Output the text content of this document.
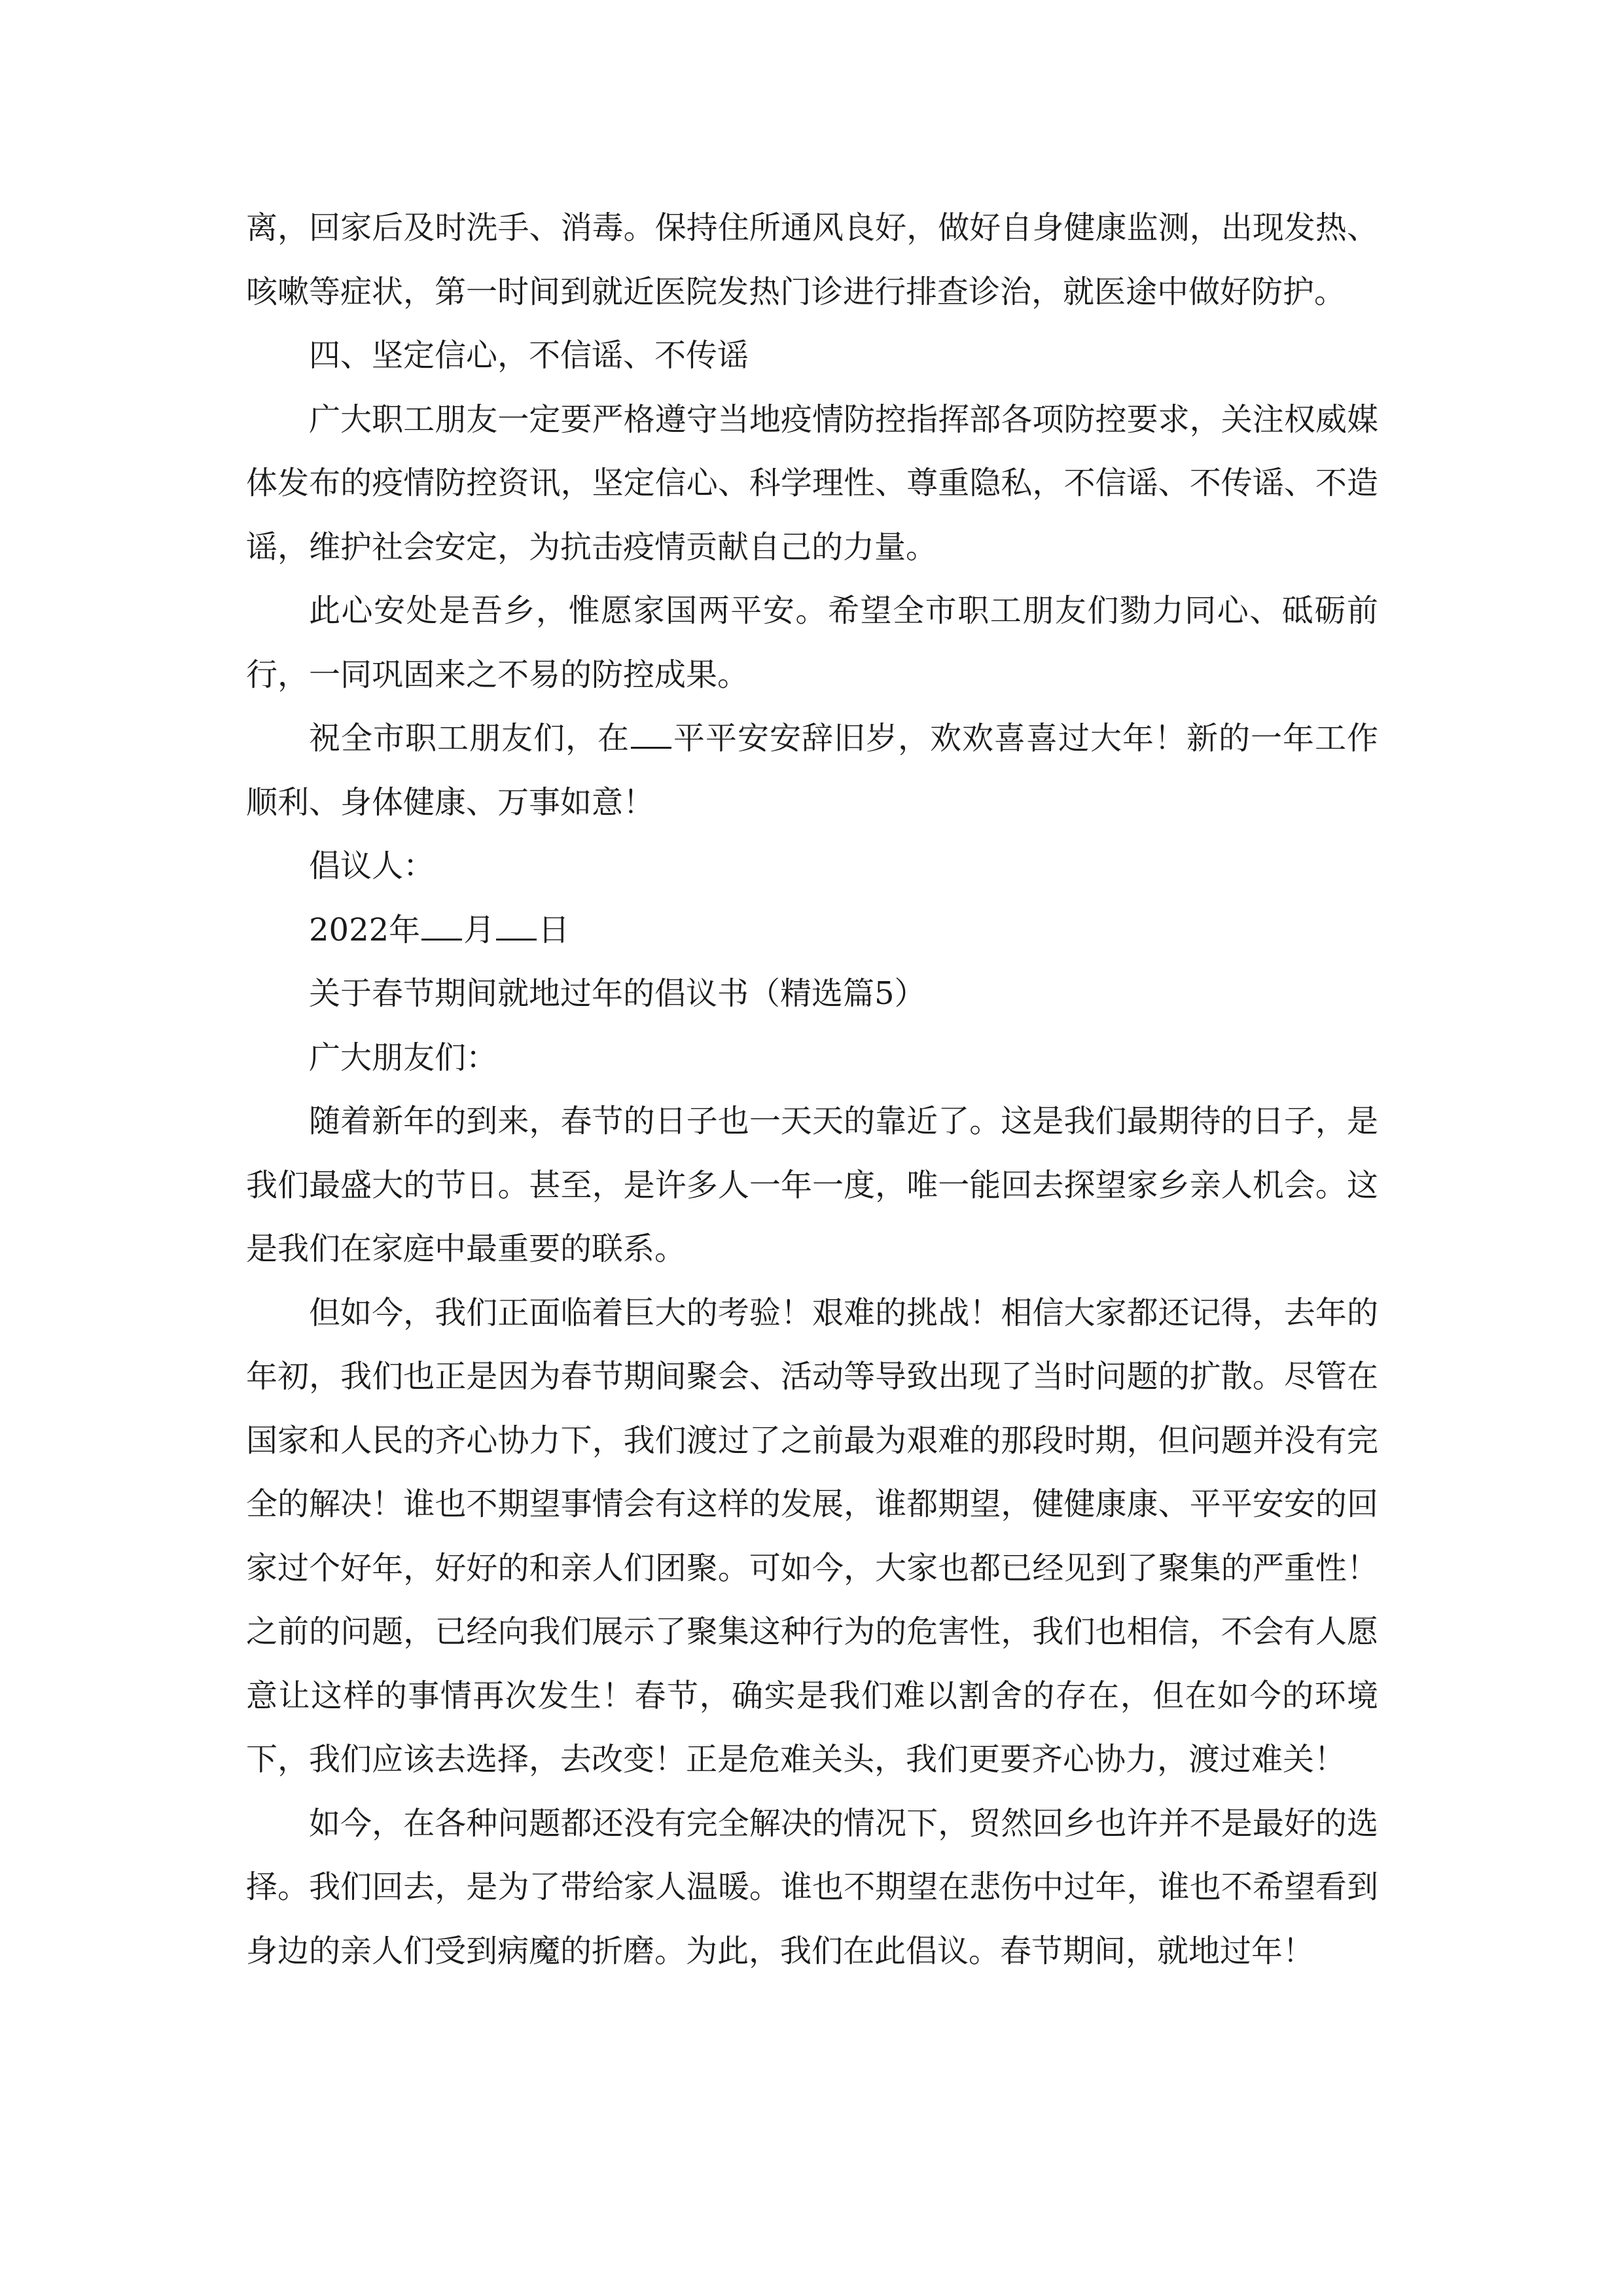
离，回家后及时洗手、消毒。保持住所通风良好，做好自身健康监测，出现发热、咳嗽等症状，第一时间到就近医院发热门诊进行排查诊治，就医途中做好防护。

四、坚定信心，不信谣、不传谣

广大职工朋友一定要严格遵守当地疫情防控指挥部各项防控要求，关注权威媒体发布的疫情防控资讯，坚定信心、科学理性、尊重隐私，不信谣、不传谣、不造谣，维护社会安定，为抗击疫情贡献自己的力量。

此心安处是吾乡，惟愿家国两平安。希望全市职工朋友们勠力同心、砥砺前行，一同巩固来之不易的防控成果。

祝全市职工朋友们，在 平平安安辞旧岁，欢欢喜喜过大年！新的一年工作顺利、身体健康、万事如意！

倡议人：

2022年 月 日

关于春节期间就地过年的倡议书（精选篇5）

广大朋友们：

随着新年的到来，春节的日子也一天天的靠近了。这是我们最期待的日子，是我们最盛大的节日。甚至，是许多人一年一度，唯一能回去探望家乡亲人机会。这是我们在家庭中最重要的联系。

但如今，我们正面临着巨大的考验！艰难的挑战！相信大家都还记得，去年的年初，我们也正是因为春节期间聚会、活动等导致出现了当时问题的扩散。尽管在国家和人民的齐心协力下，我们渡过了之前最为艰难的那段时期，但问题并没有完全的解决！谁也不期望事情会有这样的发展，谁都期望，健健康康、平平安安的回家过个好年，好好的和亲人们团聚。可如今，大家也都已经见到了聚集的严重性！之前的问题，已经向我们展示了聚集这种行为的危害性，我们也相信，不会有人愿意让这样的事情再次发生！春节，确实是我们难以割舍的存在，但在如今的环境下，我们应该去选择，去改变！正是危难关头，我们更要齐心协力，渡过难关！

如今，在各种问题都还没有完全解决的情况下，贸然回乡也许并不是最好的选择。我们回去，是为了带给家人温暖。谁也不期望在悲伤中过年，谁也不希望看到身边的亲人们受到病魔的折磨。为此，我们在此倡议。春节期间，就地过年！
